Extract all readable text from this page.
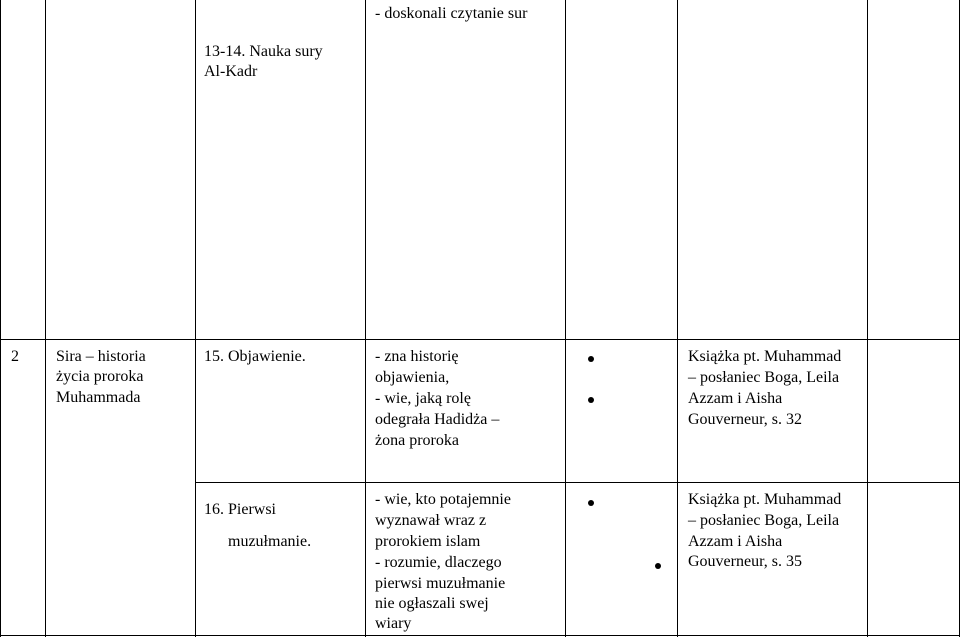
- doskonali czytanie sur
13-14. Nauka sury
Al-Kadr
2 Sira – historia
życia proroka
Muhammada
15. Objawienie.	- zna historię
objawienia,
- wie, jaką rolę
odegrała Hadidża –
żona proroka
Książka pt. Muhammad
– posłaniec Boga, Leila
Azzam i Aisha
Gouverneur, s. 32
16. Pierwsi
muzułmanie.
- wie, kto potajemnie
wyznawał wraz z
prorokiem islam
- rozumie, dlaczego
pierwsi muzułmanie
nie ogłaszali swej
wiary
Książka pt. Muhammad
– posłaniec Boga, Leila
Azzam i Aisha
Gouverneur, s. 35
